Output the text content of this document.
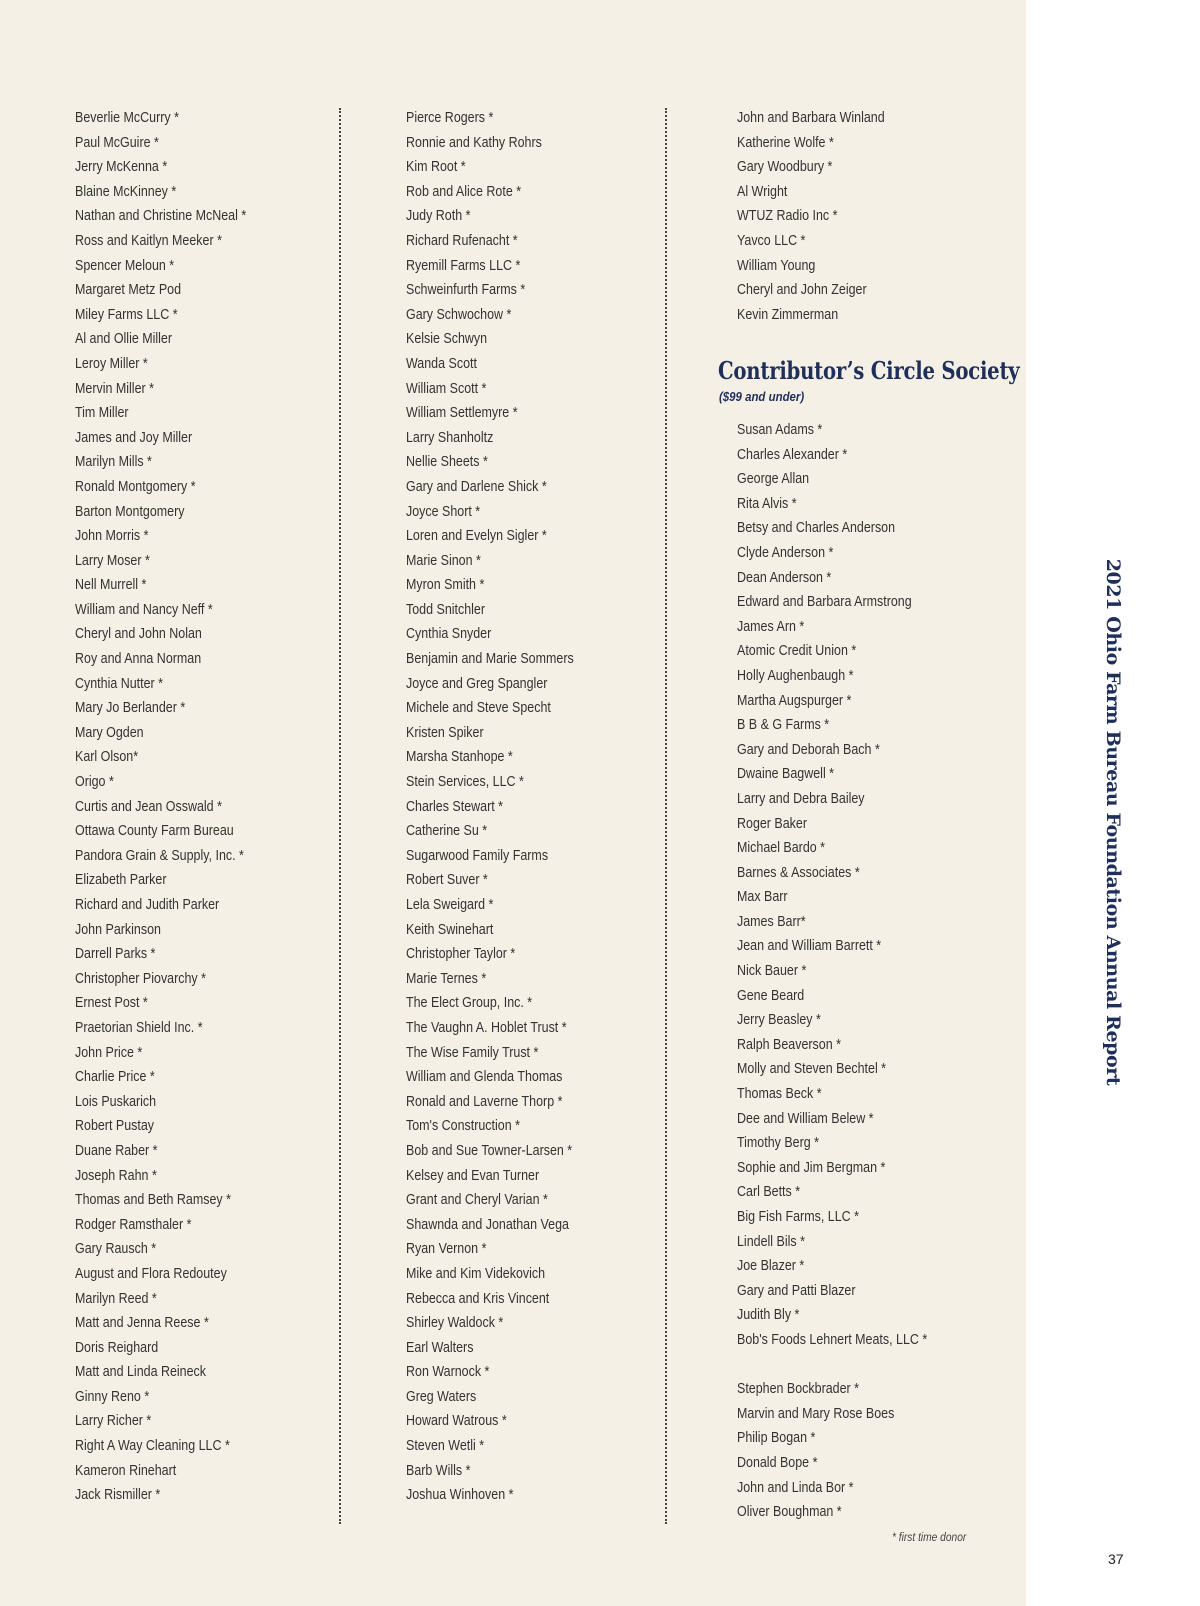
Beverlie McCurry *
Paul McGuire *
Jerry McKenna *
Blaine McKinney *
Nathan and Christine McNeal *
Ross and Kaitlyn Meeker *
Spencer Meloun *
Margaret Metz Pod
Miley Farms LLC *
Al and Ollie Miller
Leroy Miller *
Mervin Miller *
Tim Miller
James and Joy Miller
Marilyn Mills *
Ronald Montgomery *
Barton Montgomery
John Morris *
Larry Moser *
Nell Murrell *
William and Nancy Neff *
Cheryl and John Nolan
Roy and Anna Norman
Cynthia Nutter *
Mary Jo Berlander *
Mary Ogden
Karl Olson*
Origo *
Curtis and Jean Osswald *
Ottawa County Farm Bureau
Pandora Grain & Supply, Inc. *
Elizabeth Parker
Richard and Judith Parker
John Parkinson
Darrell Parks *
Christopher Piovarchy *
Ernest Post *
Praetorian Shield Inc. *
John Price *
Charlie Price *
Lois Puskarich
Robert Pustay
Duane Raber *
Joseph Rahn *
Thomas and Beth Ramsey *
Rodger Ramsthaler *
Gary Rausch *
August and Flora Redoutey
Marilyn Reed *
Matt and Jenna Reese *
Doris Reighard
Matt and Linda Reineck
Ginny Reno *
Larry Richer *
Right A Way Cleaning LLC *
Kameron Rinehart
Jack Rismiller *
Pierce Rogers *
Ronnie and Kathy Rohrs
Kim Root *
Rob and Alice Rote *
Judy Roth *
Richard Rufenacht *
Ryemill Farms LLC *
Schweinfurth Farms *
Gary Schwochow *
Kelsie Schwyn
Wanda Scott
William Scott *
William Settlemyre *
Larry Shanholtz
Nellie Sheets *
Gary and Darlene Shick *
Joyce Short *
Loren and Evelyn Sigler *
Marie Sinon *
Myron Smith *
Todd Snitchler
Cynthia Snyder
Benjamin and Marie Sommers
Joyce and Greg Spangler
Michele and Steve Specht
Kristen Spiker
Marsha Stanhope *
Stein Services, LLC *
Charles Stewart *
Catherine Su *
Sugarwood Family Farms
Robert Suver *
Lela Sweigard *
Keith Swinehart
Christopher Taylor *
Marie Ternes *
The Elect Group, Inc. *
The Vaughn A. Hoblet Trust *
The Wise Family Trust *
William and Glenda Thomas
Ronald and Laverne Thorp *
Tom's Construction *
Bob and Sue Towner-Larsen *
Kelsey and Evan Turner
Grant and Cheryl Varian *
Shawnda and Jonathan Vega
Ryan Vernon *
Mike and Kim Videkovich
Rebecca and Kris Vincent
Shirley Waldock *
Earl Walters
Ron Warnock *
Greg Waters
Howard Watrous *
Steven Wetli *
Barb Wills *
Joshua Winhoven *
John and Barbara Winland
Katherine Wolfe *
Gary Woodbury *
Al Wright
WTUZ Radio Inc *
Yavco LLC *
William Young
Cheryl and John Zeiger
Kevin Zimmerman
Contributor’s Circle Society
($99 and under)
Susan Adams *
Charles Alexander *
George Allan
Rita Alvis *
Betsy and Charles Anderson
Clyde Anderson *
Dean Anderson *
Edward and Barbara Armstrong
James Arn *
Atomic Credit Union *
Holly Aughenbaugh *
Martha Augspurger *
B B & G Farms *
Gary and Deborah Bach *
Dwaine Bagwell *
Larry and Debra Bailey
Roger Baker
Michael Bardo *
Barnes & Associates *
Max Barr
James Barr*
Jean and William Barrett *
Nick Bauer *
Gene Beard
Jerry Beasley *
Ralph Beaverson *
Molly and Steven Bechtel *
Thomas Beck *
Dee and William Belew *
Timothy Berg *
Sophie and Jim Bergman *
Carl Betts *
Big Fish Farms, LLC *
Lindell Bils *
Joe Blazer *
Gary and Patti Blazer
Judith Bly *
Bob's Foods Lehnert Meats, LLC *
Stephen Bockbrader *
Marvin and Mary Rose Boes
Philip Bogan *
Donald Bope *
John and Linda Bor *
Oliver Boughman *
* first time donor
2021 Ohio Farm Bureau Foundation Annual Report
37
